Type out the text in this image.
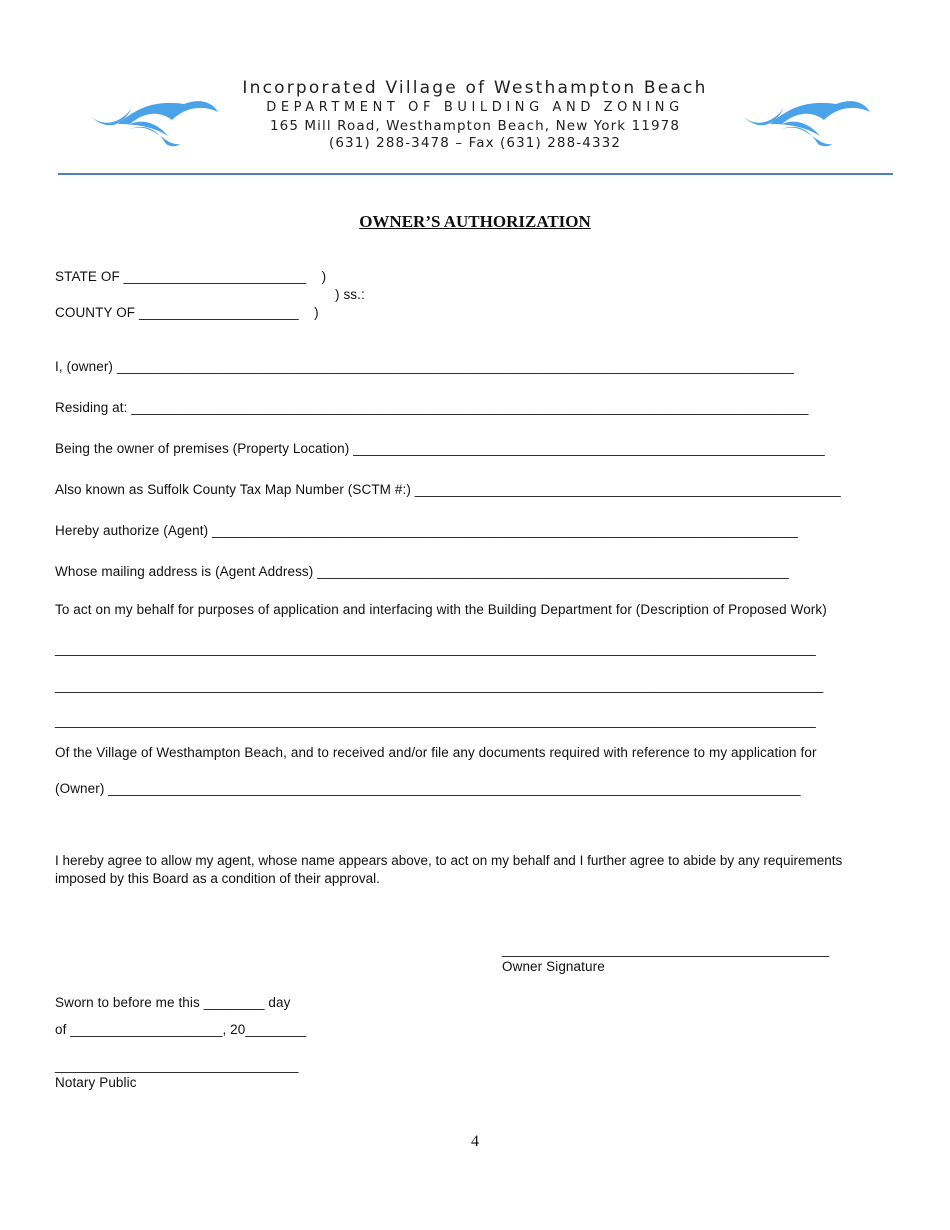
Incorporated Village of Westhampton Beach
DEPARTMENT OF BUILDING AND ZONING
165 Mill Road, Westhampton Beach, New York 11978
(631) 288-3478 – Fax (631) 288-4332
OWNER’S AUTHORIZATION
STATE OF ________________________    )
) ss.:
COUNTY OF _____________________    )
I, (owner) _________________________________________________________________________________________
Residing at: _________________________________________________________________________________________
Being the owner of premises (Property Location) ______________________________________________________________
Also known as Suffolk County Tax Map Number (SCTM #:) ________________________________________________________
Hereby authorize (Agent) _____________________________________________________________________________
Whose mailing address is (Agent Address) ______________________________________________________________
To act on my behalf for purposes of application and interfacing with the Building Department for (Description of Proposed Work)
____________________________________________________________________________________________________
_____________________________________________________________________________________________________
____________________________________________________________________________________________________
Of the Village of Westhampton Beach, and to received and/or file any documents required with reference to my application for
(Owner) ___________________________________________________________________________________________
I hereby agree to allow my agent, whose name appears above, to act on my behalf and I further agree to abide by any requirements imposed by this Board as a condition of their approval.
___________________________________________
Owner Signature
Sworn to before me this ________ day
of ____________________, 20________
________________________________
Notary Public
4
